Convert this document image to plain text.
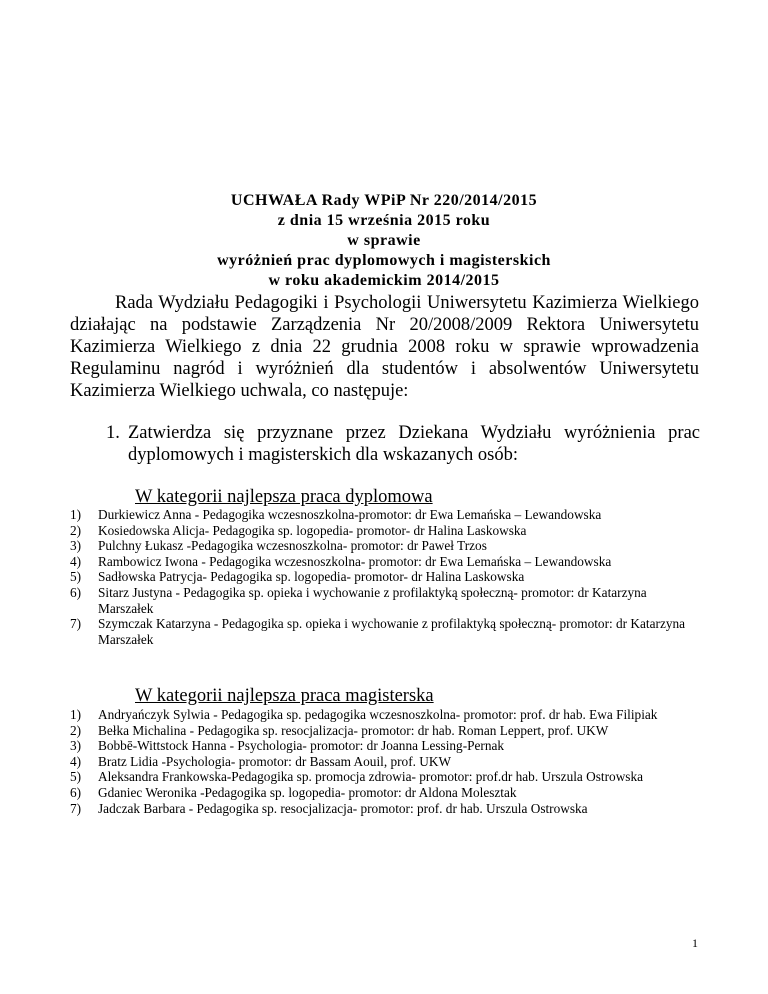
UCHWAŁA Rady WPiP Nr 220/2014/2015
z dnia 15 września 2015 roku
w sprawie
wyróżnień prac dyplomowych i magisterskich
w roku akademickim 2014/2015
Rada Wydziału Pedagogiki i Psychologii Uniwersytetu Kazimierza Wielkiego działając na podstawie Zarządzenia Nr 20/2008/2009 Rektora Uniwersytetu Kazimierza Wielkiego z dnia 22 grudnia 2008 roku w sprawie wprowadzenia Regulaminu nagród i wyróżnień dla studentów i absolwentów Uniwersytetu Kazimierza Wielkiego uchwala, co następuje:
1. Zatwierdza się przyznane przez Dziekana Wydziału wyróżnienia prac dyplomowych i magisterskich dla wskazanych osób:
W kategorii najlepsza praca dyplomowa
1) Durkiewicz Anna - Pedagogika wczesnoszkolna-promotor: dr Ewa Lemańska – Lewandowska
2) Kosiedowska Alicja- Pedagogika sp. logopedia- promotor- dr Halina Laskowska
3) Pulchny Łukasz -Pedagogika wczesnoszkolna- promotor: dr Paweł Trzos
4) Rambowicz Iwona - Pedagogika wczesnoszkolna- promotor: dr Ewa Lemańska – Lewandowska
5) Sadłowska Patrycja- Pedagogika sp. logopedia- promotor- dr Halina Laskowska
6) Sitarz Justyna - Pedagogika sp. opieka i wychowanie z profilaktyką społeczną- promotor: dr Katarzyna Marszałek
7) Szymczak Katarzyna - Pedagogika sp. opieka i wychowanie z profilaktyką społeczną- promotor: dr Katarzyna Marszałek
W kategorii najlepsza praca magisterska
1) Andryańczyk Sylwia - Pedagogika sp. pedagogika wczesnoszkolna- promotor: prof. dr hab. Ewa Filipiak
2) Bełka Michalina - Pedagogika sp. resocjalizacja- promotor: dr hab. Roman Leppert, prof. UKW
3) Bobbē-Wittstock Hanna - Psychologia- promotor: dr Joanna Lessing-Pernak
4) Bratz Lidia -Psychologia- promotor: dr Bassam Aouil, prof. UKW
5) Aleksandra Frankowska-Pedagogika sp. promocja zdrowia- promotor: prof.dr hab. Urszula Ostrowska
6) Gdaniec Weronika -Pedagogika sp. logopedia- promotor: dr Aldona Molesztak
7) Jadczak Barbara - Pedagogika sp. resocjalizacja- promotor: prof. dr hab. Urszula Ostrowska
1
